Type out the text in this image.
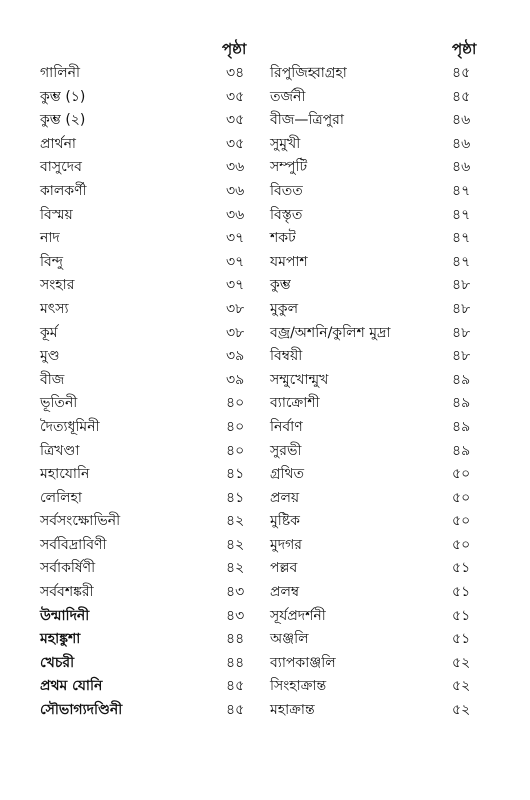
পৃষ্ঠা	পৃষ্ঠা
গালিনী	৩৪ রিপুজিহ্বাগ্রহা	৪৫
কুম্ভ (১)	৩৫ তর্জনী	৪৫
কুম্ভ (২)	৩৫ বীজ—ত্রিপুরা	৪৬
প্রার্থনা	৩৫ সুমুখী	৪৬
বাসুদেব	৩৬ সম্পুটি	৪৬
কালকর্ণী	৩৬ বিতত	৪৭
বিস্ময়	৩৬ বিস্তৃত	৪৭
নাদ	৩৭ শকট	৪৭
বিন্দু	৩৭ যমপাশ	৪৭
সংহার	৩৭ কুম্ভ	৪৮
মৎস্য	৩৮ মুকুল	৪৮
কূর্ম	৩৮ বজ্র/অশনি/কুলিশ মুদ্রা	৪৮
মুণ্ড	৩৯ বিম্বয়ী	৪৮
বীজ	৩৯ সম্মুখোন্মুখ	৪৯
ভূতিনী	৪০ ব্যাক্রোশী	৪৯
দৈত্যধূমিনী	৪০ নির্বাণ	৪৯
ত্রিখণ্ডা	৪০ সুরভী	৪৯
মহাযোনি	৪১ গ্রথিত	৫০
লেলিহা	৪১ প্রলয়	৫০
সর্বসংক্ষোভিনী	৪২ মুষ্টিক	৫০
সর্ববিদ্রাবিণী	৪২ মুদগর	৫০
সর্বাকর্ষিণী	৪২ পল্লব	৫১
সর্ববশঙ্করী	৪৩ প্রলম্ব	৫১
উন্মাদিনী	৪৩ সূর্যপ্রদর্শনী	৫১
মহাঙ্কুশা	৪৪ অঞ্জলি	৫১
খেচরী	৪৪ ব্যাপকাঞ্জলি	৫২
প্রথম যোনি	৪৫ সিংহাক্রান্ত	৫২
সৌভাগ্যদণ্ডিনী	৪৫ মহাক্রান্ত	৫২
